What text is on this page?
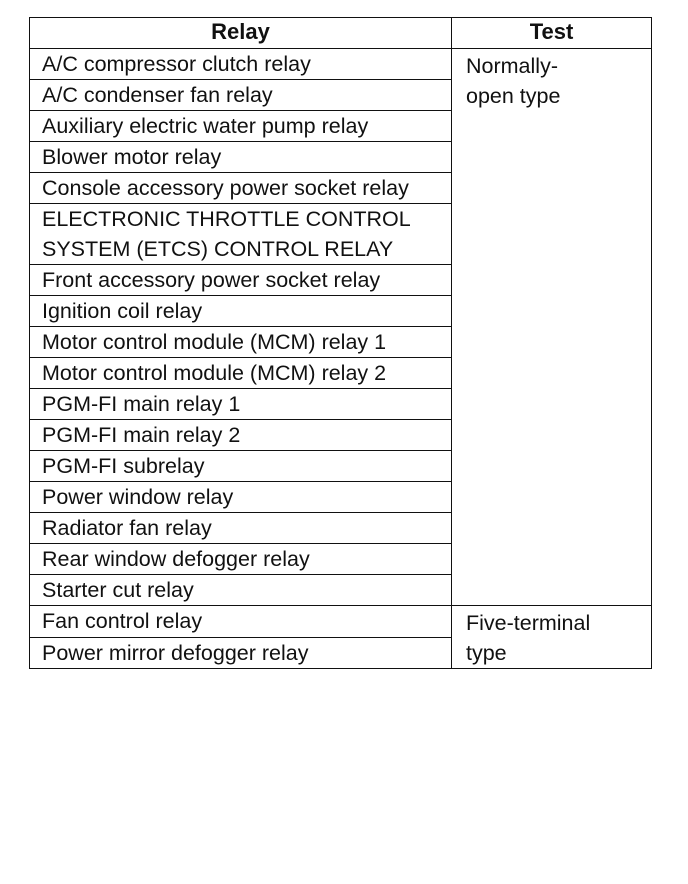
Relay	Test
A/C compressor clutch relay	Normally-
open type
A/C condenser fan relay	
Auxiliary electric water pump relay	
Blower motor relay	
Console accessory power socket relay	
ELECTRONIC THROTTLE CONTROL SYSTEM (ETCS) CONTROL RELAY	
Front accessory power socket relay	
Ignition coil relay	
Motor control module (MCM) relay 1	
Motor control module (MCM) relay 2	
PGM-FI main relay 1	
PGM-FI main relay 2	
PGM-FI subrelay	
Power window relay	
Radiator fan relay	
Rear window defogger relay	
Starter cut relay	
Fan control relay	Five-terminal
type
Power mirror defogger relay	
